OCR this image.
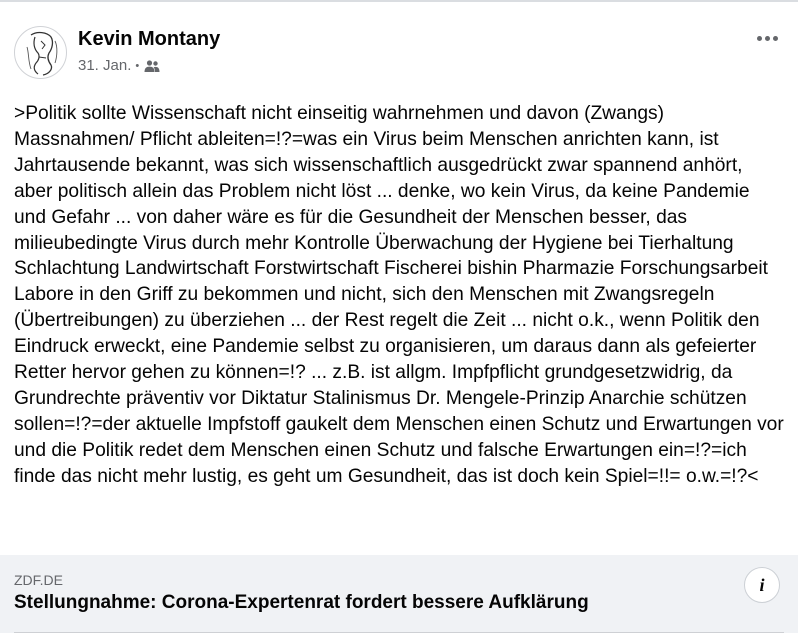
Kevin Montany
31. Jan. •
>Politik sollte Wissenschaft nicht einseitig wahrnehmen und davon (Zwangs) Massnahmen/ Pflicht ableiten=!?=was ein Virus beim Menschen anrichten kann, ist Jahrtausende bekannt, was sich wissenschaftlich ausgedrückt zwar spannend anhört, aber politisch allein das Problem nicht löst ... denke, wo kein Virus, da keine Pandemie und Gefahr ... von daher wäre es für die Gesundheit der Menschen besser, das milieubedingte Virus durch mehr Kontrolle Überwachung der Hygiene bei Tierhaltung Schlachtung Landwirtschaft Forstwirtschaft Fischerei bishin Pharmazie Forschungsarbeit Labore in den Griff zu bekommen und nicht, sich den Menschen mit Zwangsregeln (Übertreibungen) zu überziehen ... der Rest regelt die Zeit ... nicht o.k., wenn Politik den Eindruck erweckt, eine Pandemie selbst zu organisieren, um daraus dann als gefeierter Retter hervor gehen zu können=!? ... z.B. ist allgm. Impfpflicht grundgesetzwidrig, da Grundrechte präventiv vor Diktatur Stalinismus Dr. Mengele-Prinzip Anarchie schützen sollen=!?=der aktuelle Impfstoff gaukelt dem Menschen einen Schutz und Erwartungen vor und die Politik redet dem Menschen einen Schutz und falsche Erwartungen ein=!?=ich finde das nicht mehr lustig, es geht um Gesundheit, das ist doch kein Spiel=!!= o.w.=!?<
ZDF.DE
Stellungnahme: Corona-Expertenrat fordert bessere Aufklärung
i
